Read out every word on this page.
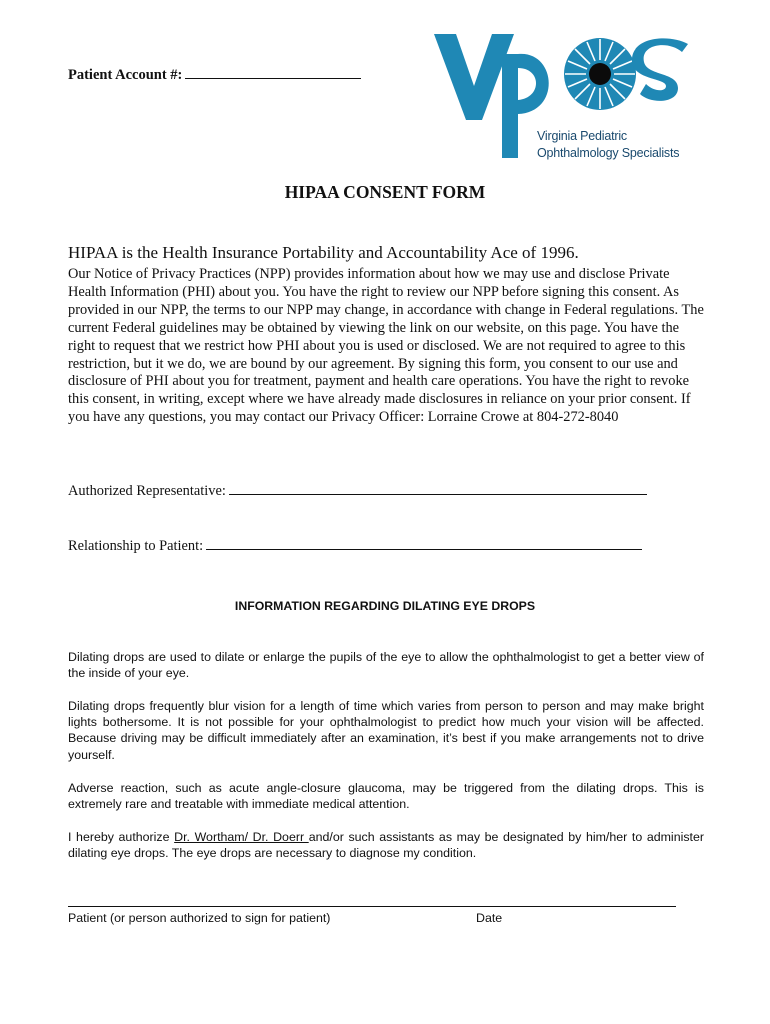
Patient Account #:
Virginia Pediatric
Ophthalmology Specialists
HIPAA CONSENT FORM
HIPAA is the Health Insurance Portability and Accountability Ace of 1996.
Our Notice of Privacy Practices (NPP) provides information about how we may use and disclose Private Health Information (PHI) about you. You have the right to review our NPP before signing this consent. As provided in our NPP, the terms to our NPP may change, in accordance with change in Federal regulations. The current Federal guidelines may be obtained by viewing the link on our website, on this page. You have the right to request that we restrict how PHI about you is used or disclosed. We are not required to agree to this restriction, but it we do, we are bound by our agreement. By signing this form, you consent to our use and disclosure of PHI about you for treatment, payment and health care operations. You have the right to revoke this consent, in writing, except where we have already made disclosures in reliance on your prior consent. If you have any questions, you may contact our Privacy Officer: Lorraine Crowe at 804-272-8040
Authorized Representative:
Relationship to Patient:
INFORMATION REGARDING DILATING EYE DROPS
Dilating drops are used to dilate or enlarge the pupils of the eye to allow the ophthalmologist to get a better view of the inside of your eye.
Dilating drops frequently blur vision for a length of time which varies from person to person and may make bright lights bothersome. It is not possible for your ophthalmologist to predict how much your vision will be affected. Because driving may be difficult immediately after an examination, it’s best if you make arrangements not to drive yourself.
Adverse reaction, such as acute angle-closure glaucoma, may be triggered from the dilating drops. This is extremely rare and treatable with immediate medical attention.
I hereby authorize Dr. Wortham/ Dr. Doerr and/or such assistants as may be designated by him/her to administer dilating eye drops. The eye drops are necessary to diagnose my condition.
Patient (or person authorized to sign for patient)	Date
